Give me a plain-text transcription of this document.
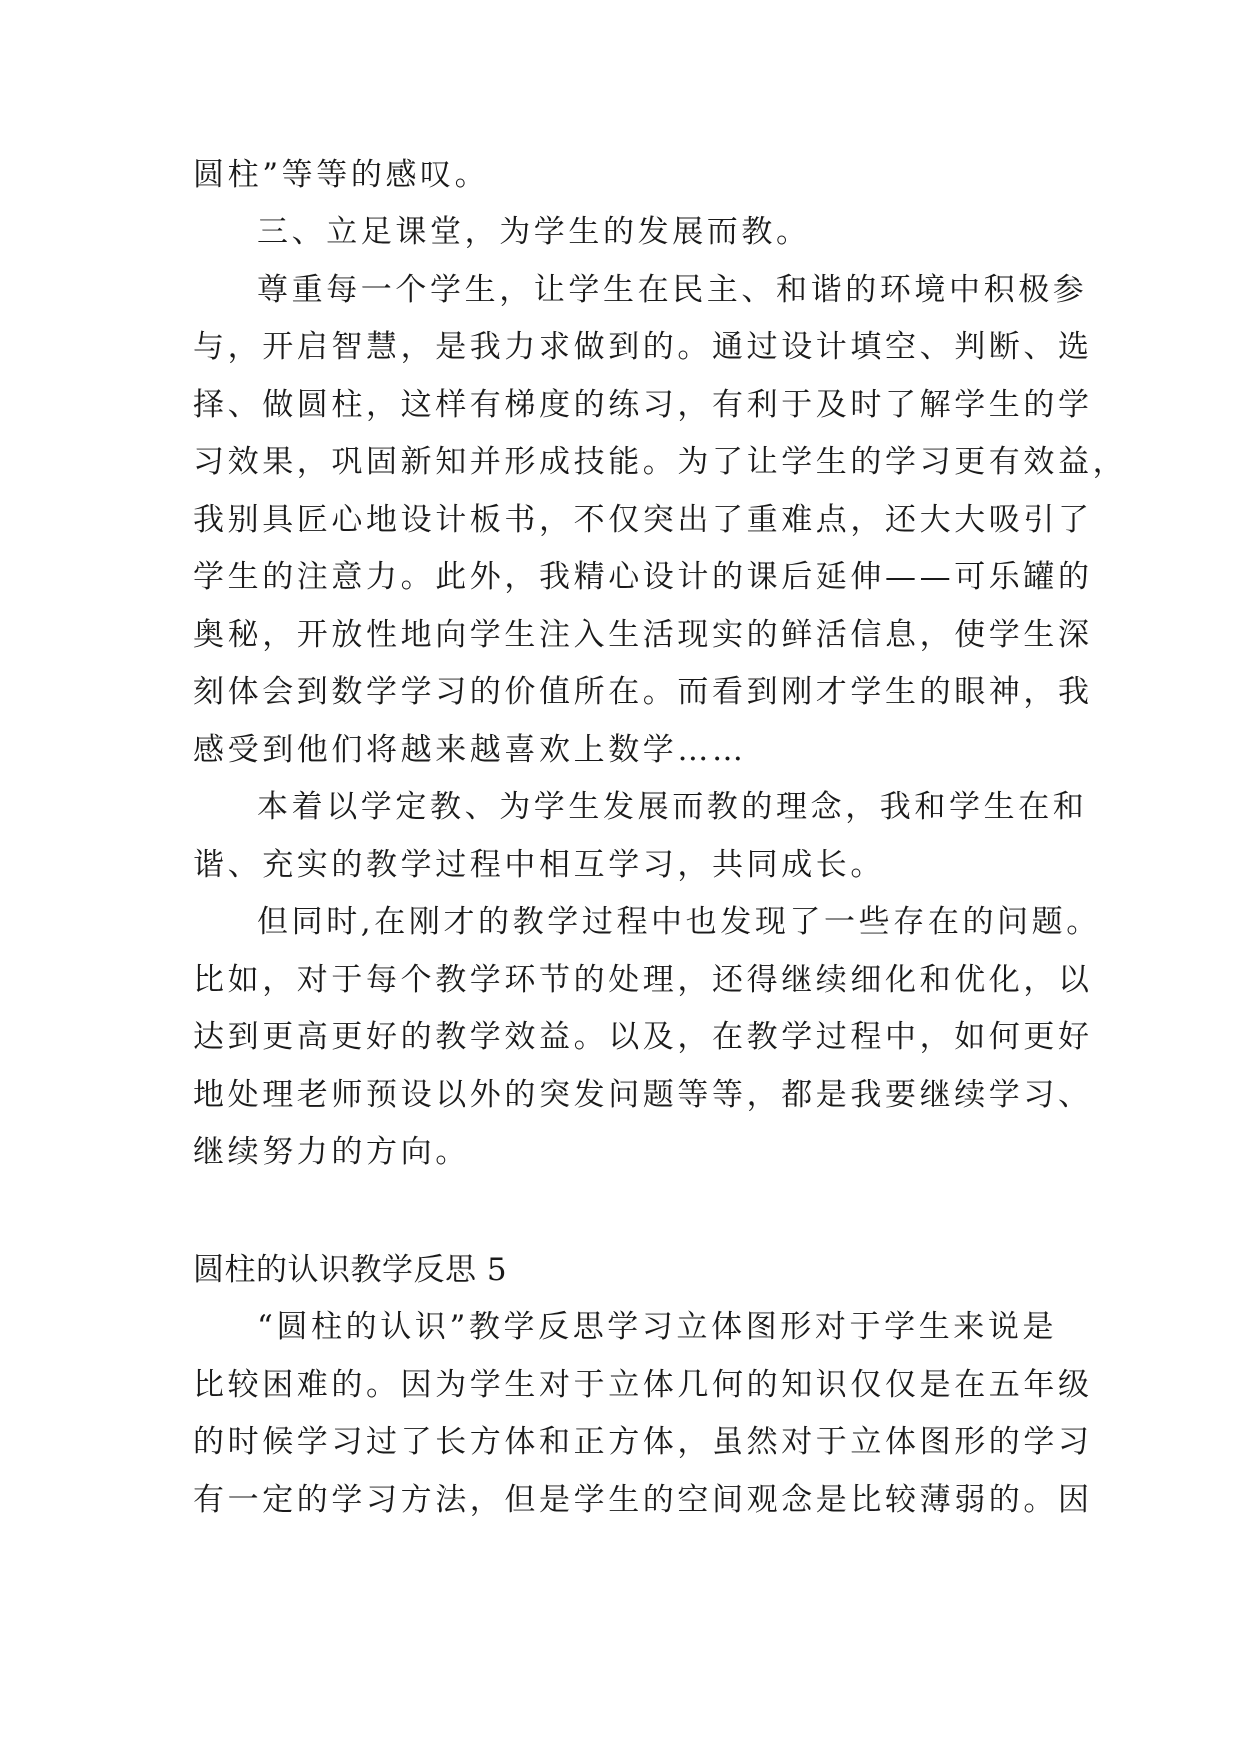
圆柱”等等的感叹。
三、立足课堂，为学生的发展而教。
尊重每一个学生，让学生在民主、和谐的环境中积极参
与，开启智慧，是我力求做到的。通过设计填空、判断、选
择、做圆柱，这样有梯度的练习，有利于及时了解学生的学
习效果，巩固新知并形成技能。为了让学生的学习更有效益，
我别具匠心地设计板书，不仅突出了重难点，还大大吸引了
学生的注意力。此外，我精心设计的课后延伸——可乐罐的
奥秘，开放性地向学生注入生活现实的鲜活信息，使学生深
刻体会到数学学习的价值所在。而看到刚才学生的眼神，我
感受到他们将越来越喜欢上数学……
本着以学定教、为学生发展而教的理念，我和学生在和
谐、充实的教学过程中相互学习，共同成长。
但同时,在刚才的教学过程中也发现了一些存在的问题。
比如，对于每个教学环节的处理，还得继续细化和优化，以
达到更高更好的教学效益。以及，在教学过程中，如何更好
地处理老师预设以外的突发问题等等，都是我要继续学习、
继续努力的方向。
圆柱的认识教学反思 5
“圆柱的认识”教学反思学习立体图形对于学生来说是
比较困难的。因为学生对于立体几何的知识仅仅是在五年级
的时候学习过了长方体和正方体，虽然对于立体图形的学习
有一定的学习方法，但是学生的空间观念是比较薄弱的。因
